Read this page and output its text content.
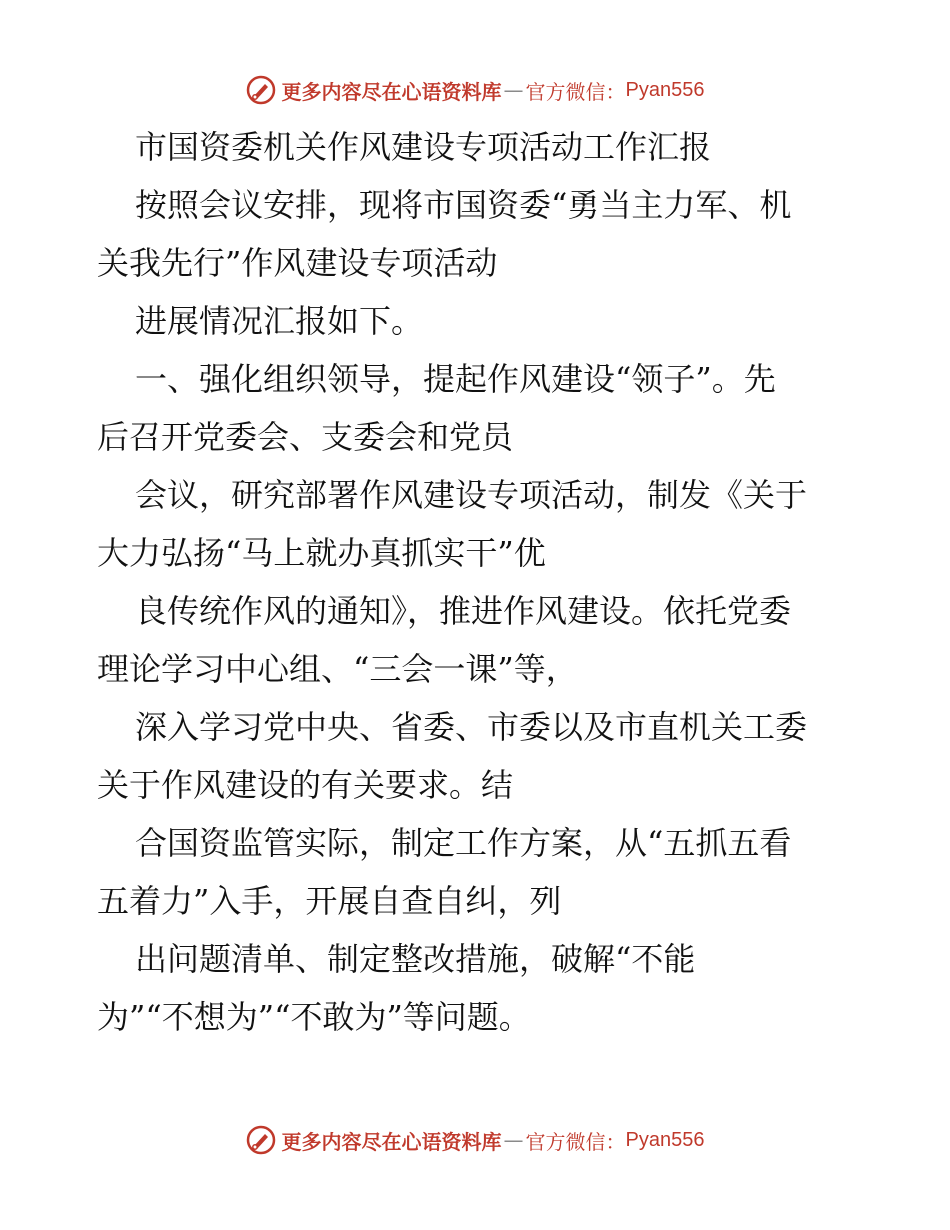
更多内容尽在心语资料库 — 官方微信： Pyan556
市国资委机关作风建设专项活动工作汇报
按照会议安排，现将市国资委“勇当主力军、机
关我先行”作风建设专项活动
进展情况汇报如下。
一、强化组织领导，提起作风建设“领子”。先
后召开党委会、支委会和党员
会议，研究部署作风建设专项活动，制发《关于
大力弘扬“马上就办真抓实干”优
良传统作风的通知》，推进作风建设。依托党委
理论学习中心组、“三会一课”等，
深入学习党中央、省委、市委以及市直机关工委
关于作风建设的有关要求。结
合国资监管实际，制定工作方案，从“五抓五看
五着力”入手，开展自查自纠，列
出问题清单、制定整改措施，破解“不能
为”“不想为”“不敢为”等问题。
更多内容尽在心语资料库 — 官方微信： Pyan556
